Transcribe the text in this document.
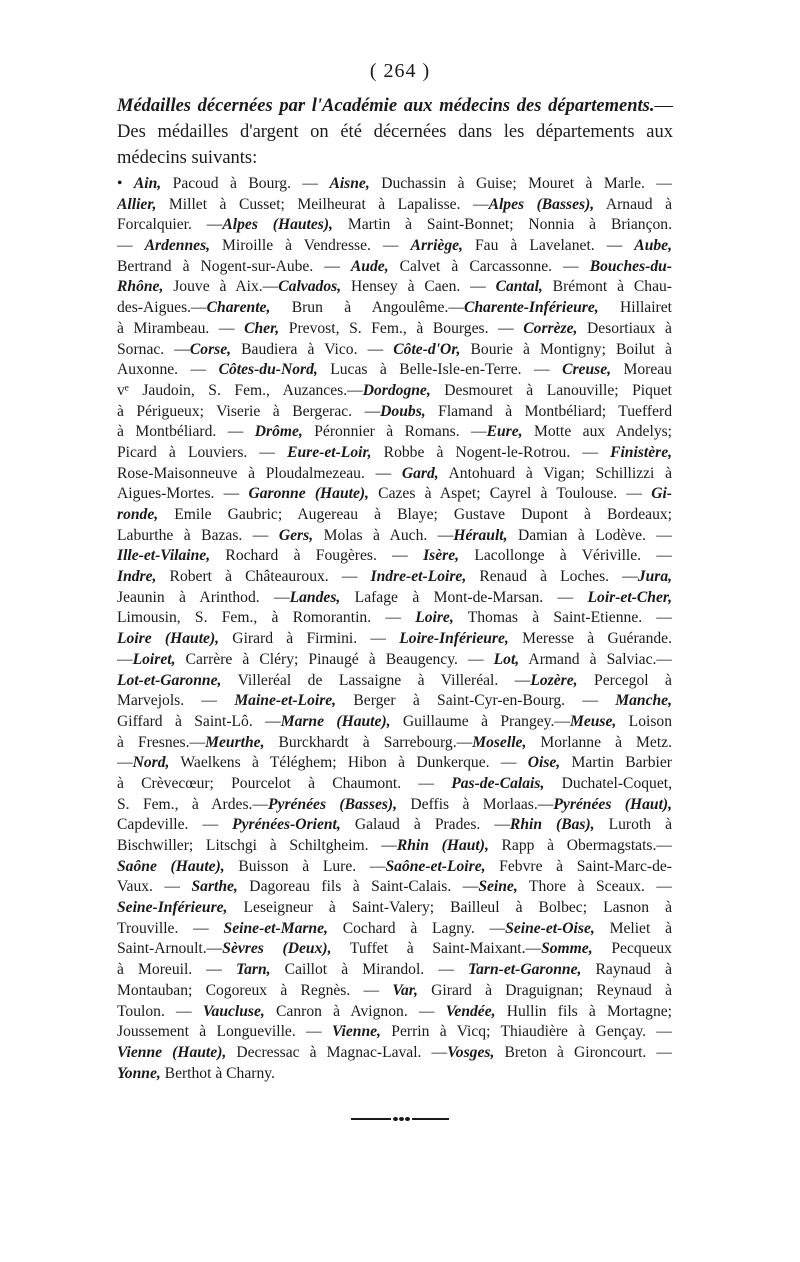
( 264 )
Médailles décernées par l'Académie aux médecins des départements.—Des médailles d'argent on été décernées dans les départements aux médecins suivants:
• Ain, Pacoud à Bourg. — Aisne, Duchassin à Guise; Mouret à Marle. —
Allier, Millet à Cusset; Meilheurat à Lapalisse. —Alpes (Basses), Arnaud à
Forcalquier. —Alpes (Hautes), Martin à Saint-Bonnet; Nonnia à Briançon.
— Ardennes, Miroille à Vendresse. — Arriège, Fau à Lavelanet. — Aube,
Bertrand à Nogent-sur-Aube. — Aude, Calvet à Carcassonne. — Bouches-du-
Rhône, Jouve à Aix.—Calvados, Hensey à Caen. — Cantal, Brémont à Chau-
des-Aigues.—Charente, Brun à Angoulême.—Charente-Inférieure, Hillairet
à Mirambeau. — Cher, Prevost, S. Fem., à Bourges. — Corrèze, Desortiaux à
Sornac. —Corse, Baudiera à Vico. — Côte-d'Or, Bourie à Montigny; Boilut à
Auxonne. — Côtes-du-Nord, Lucas à Belle-Isle-en-Terre. — Creuse, Moreau
vᵉ Jaudoin, S. Fem., Auzances.—Dordogne, Desmouret à Lanouville; Piquet
à Périgueux; Viserie à Bergerac. —Doubs, Flamand à Montbéliard; Tuefferd
à Montbéliard. — Drôme, Péronnier à Romans. —Eure, Motte aux Andelys;
Picard à Louviers. — Eure-et-Loir, Robbe à Nogent-le-Rotrou. — Finistère,
Rose-Maisonneuve à Ploudalmezeau. — Gard, Antohuard à Vigan; Schillizzi à
Aigues-Mortes. — Garonne (Haute), Cazes à Aspet; Cayrel à Toulouse. — Gi-
ronde, Emile Gaubric; Augereau à Blaye; Gustave Dupont à Bordeaux;
Laburthe à Bazas. — Gers, Molas à Auch. —Hérault, Damian à Lodève. —
Ille-et-Vilaine, Rochard à Fougères. — Isère, Lacollonge à Vériville. —
Indre, Robert à Châteauroux. — Indre-et-Loire, Renaud à Loches. —Jura,
Jeaunin à Arinthod. —Landes, Lafage à Mont-de-Marsan. — Loir-et-Cher,
Limousin, S. Fem., à Romorantin. — Loire, Thomas à Saint-Etienne. —
Loire (Haute), Girard à Firmini. — Loire-Inférieure, Meresse à Guérande.
—Loiret, Carrère à Cléry; Pinaugé à Beaugency. — Lot, Armand à Salviac.—
Lot-et-Garonne, Villeréal de Lassaigne à Villeréal. —Lozère, Percegol à
Marvejols. — Maine-et-Loire, Berger à Saint-Cyr-en-Bourg. — Manche,
Giffard à Saint-Lô. —Marne (Haute), Guillaume à Prangey.—Meuse, Loison
à Fresnes.—Meurthe, Burckhardt à Sarrebourg.—Moselle, Morlanne à Metz.
—Nord, Waelkens à Téléghem; Hibon à Dunkerque. — Oise, Martin Barbier
à Crèvecœur; Pourcelot à Chaumont. — Pas-de-Calais, Duchatel-Coquet,
S. Fem., à Ardes.—Pyrénées (Basses), Deffis à Morlaas.—Pyrénées (Haut),
Capdeville. — Pyrénées-Orient, Galaud à Prades. —Rhin (Bas), Luroth à
Bischwiller; Litschgi à Schiltgheim. —Rhin (Haut), Rapp à Obermagstats.—
Saône (Haute), Buisson à Lure. —Saône-et-Loire, Febvre à Saint-Marc-de-
Vaux. — Sarthe, Dagoreau fils à Saint-Calais. —Seine, Thore à Sceaux. —
Seine-Inférieure, Leseigneur à Saint-Valery; Bailleul à Bolbec; Lasnon à
Trouville. — Seine-et-Marne, Cochard à Lagny. —Seine-et-Oise, Meliet à
Saint-Arnoult.—Sèvres (Deux), Tuffet à Saint-Maixant.—Somme, Pecqueux
à Moreuil. — Tarn, Caillot à Mirandol. — Tarn-et-Garonne, Raynaud à
Montauban; Cogoreux à Regnès. — Var, Girard à Draguignan; Reynaud à
Toulon. — Vaucluse, Canron à Avignon. — Vendée, Hullin fils à Mortagne;
Joussement à Longueville. — Vienne, Perrin à Vicq; Thiaudière à Gençay. —
Vienne (Haute), Decressac à Magnac-Laval. —Vosges, Breton à Gironcourt. —
Yonne, Berthot à Charny.
